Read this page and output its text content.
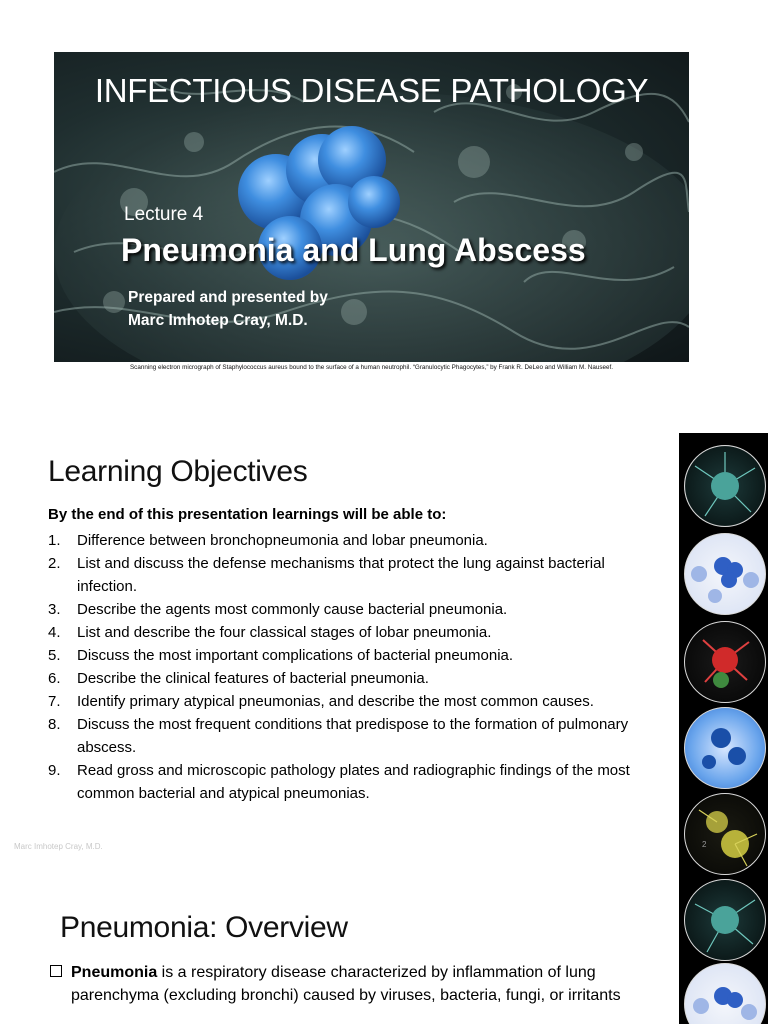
INFECTIOUS DISEASE PATHOLOGY
Lecture 4
Pneumonia and Lung Abscess
Prepared and presented by
Marc Imhotep Cray, M.D.
Scanning electron micrograph of Staphylococcus aureus bound to the surface of a human neutrophil. “Granulocytic Phagocytes,” by Frank R. DeLeo and William M. Nauseef.
Learning Objectives
By the end of this presentation learnings will be able to:
1. Difference between bronchopneumonia and lobar pneumonia.
2. List and discuss the defense mechanisms that protect the lung against bacterial infection.
3. Describe the agents most commonly cause bacterial pneumonia.
4. List and describe the four classical stages of lobar pneumonia.
5. Discuss the most important complications of bacterial pneumonia.
6. Describe the clinical features of bacterial pneumonia.
7. Identify primary atypical pneumonias, and describe the most common causes.
8. Discuss the most frequent conditions that predispose to the formation of pulmonary abscess.
9. Read gross and microscopic pathology plates and radiographic findings of the most common bacterial and atypical pneumonias.
Marc Imhotep Cray, M.D.	2
Pneumonia: Overview
Pneumonia is a respiratory disease characterized by inflammation of lung parenchyma (excluding bronchi) caused by viruses, bacteria, fungi, or irritants
